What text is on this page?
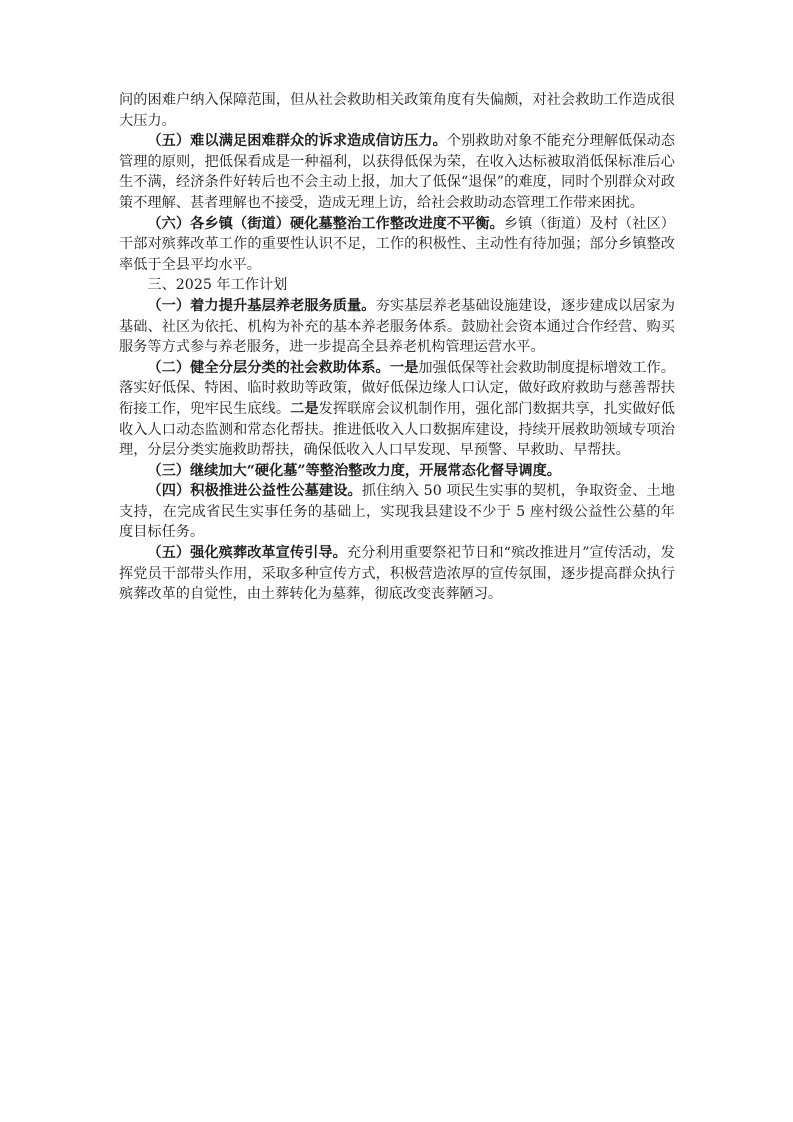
问的困难户纳入保障范围，但从社会救助相关政策角度有失偏颇，对社会救助工作造成很大压力。

（五）难以满足困难群众的诉求造成信访压力。个别救助对象不能充分理解低保动态管理的原则，把低保看成是一种福利，以获得低保为荣，在收入达标被取消低保标准后心生不满，经济条件好转后也不会主动上报，加大了低保“退保”的难度，同时个别群众对政策不理解、甚者理解也不接受，造成无理上访，给社会救助动态管理工作带来困扰。

（六）各乡镇（街道）硬化墓整治工作整改进度不平衡。乡镇（街道）及村（社区）干部对殡葬改革工作的重要性认识不足，工作的积极性、主动性有待加强；部分乡镇整改率低于全县平均水平。

三、2025 年工作计划

（一）着力提升基层养老服务质量。夯实基层养老基础设施建设，逐步建成以居家为基础、社区为依托、机构为补充的基本养老服务体系。鼓励社会资本通过合作经营、购买服务等方式参与养老服务，进一步提高全县养老机构管理运营水平。

（二）健全分层分类的社会救助体系。一是加强低保等社会救助制度提标增效工作。落实好低保、特困、临时救助等政策，做好低保边缘人口认定，做好政府救助与慈善帮扶衔接工作，兜牢民生底线。二是发挥联席会议机制作用，强化部门数据共享，扎实做好低收入人口动态监测和常态化帮扶。推进低收入人口数据库建设，持续开展救助领域专项治理，分层分类实施救助帮扶，确保低收入人口早发现、早预警、早救助、早帮扶。

（三）继续加大“硬化墓”等整治整改力度，开展常态化督导调度。

（四）积极推进公益性公墓建设。抓住纳入 50 项民生实事的契机，争取资金、土地支持，在完成省民生实事任务的基础上，实现我县建设不少于 5 座村级公益性公墓的年度目标任务。

（五）强化殡葬改革宣传引导。充分利用重要祭祀节日和“殡改推进月”宣传活动，发挥党员干部带头作用，采取多种宣传方式，积极营造浓厚的宣传氛围，逐步提高群众执行殡葬改革的自觉性，由土葬转化为墓葬，彻底改变丧葬陋习。
